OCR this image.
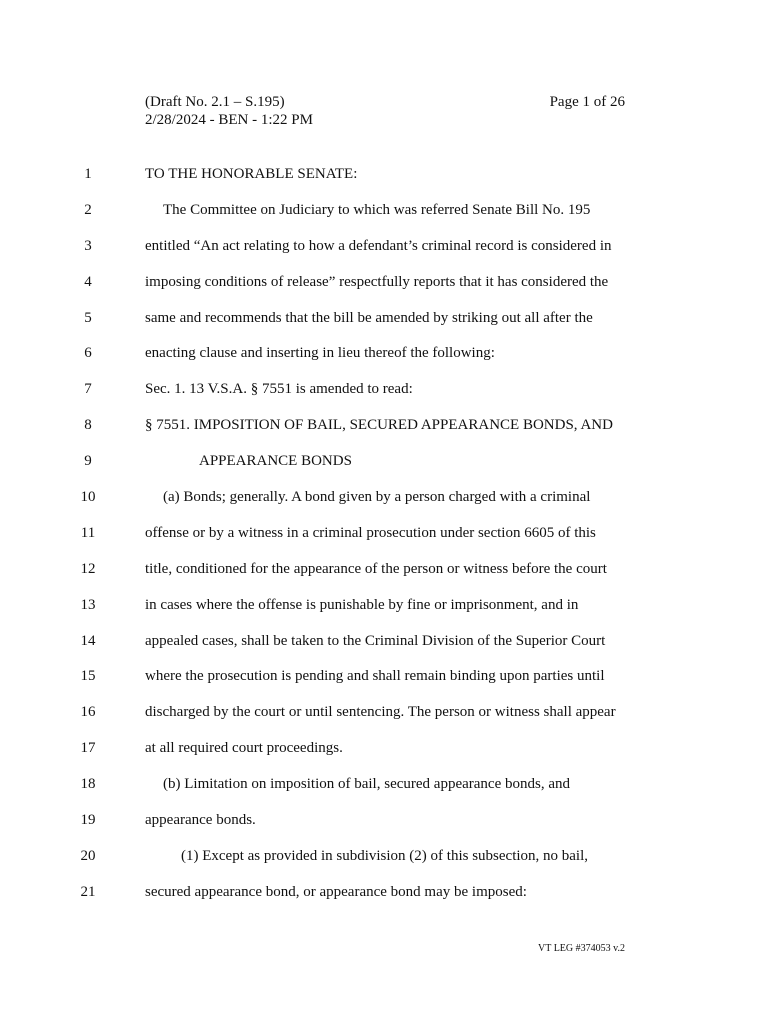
(Draft No. 2.1 – S.195)
2/28/2024 - BEN - 1:22 PM
Page 1 of 26
1	TO THE HONORABLE SENATE:
2	The Committee on Judiciary to which was referred Senate Bill No. 195
3	entitled “An act relating to how a defendant’s criminal record is considered in
4	imposing conditions of release” respectfully reports that it has considered the
5	same and recommends that the bill be amended by striking out all after the
6	enacting clause and inserting in lieu thereof the following:
7	Sec. 1. 13 V.S.A. § 7551 is amended to read:
8	§ 7551. IMPOSITION OF BAIL, SECURED APPEARANCE BONDS, AND
9	APPEARANCE BONDS
10	(a) Bonds; generally. A bond given by a person charged with a criminal
11	offense or by a witness in a criminal prosecution under section 6605 of this
12	title, conditioned for the appearance of the person or witness before the court
13	in cases where the offense is punishable by fine or imprisonment, and in
14	appealed cases, shall be taken to the Criminal Division of the Superior Court
15	where the prosecution is pending and shall remain binding upon parties until
16	discharged by the court or until sentencing. The person or witness shall appear
17	at all required court proceedings.
18	(b) Limitation on imposition of bail, secured appearance bonds, and
19	appearance bonds.
20	(1) Except as provided in subdivision (2) of this subsection, no bail,
21	secured appearance bond, or appearance bond may be imposed:
VT LEG #374053 v.2
